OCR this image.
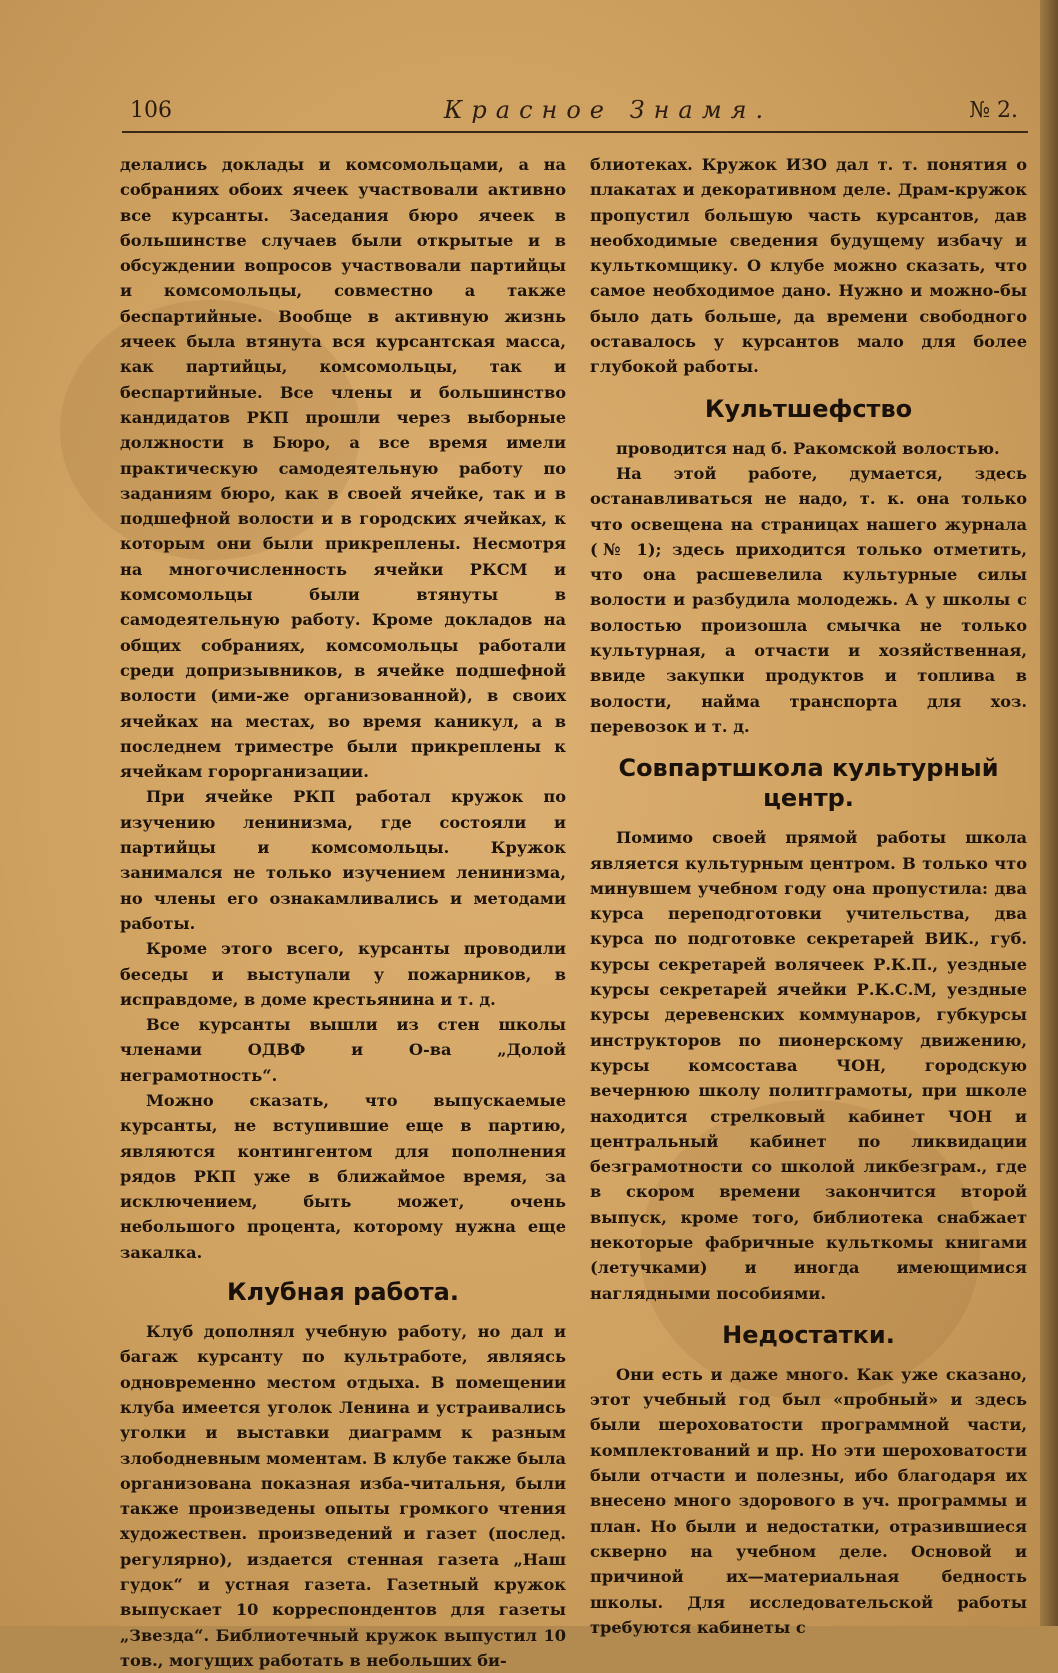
106	Красное Знамя.	№ 2.

делались доклады и комсомольцами, а на собраниях обоих ячеек участвовали активно все курсанты. Заседания бюро ячеек в большинстве случаев были открытые и в обсуждении вопросов участвовали партийцы и комсомольцы, совместно а также беспартийные. Вообще в активную жизнь ячеек была втянута вся курсантская масса, как партийцы, комсомольцы, так и беспартийные. Все члены и большинство кандидатов РКП прошли через выборные должности в Бюро, а все время имели практическую самодеятельную работу по заданиям бюро, как в своей ячейке, так и в подшефной волости и в городских ячейках, к которым они были прикреплены. Несмотря на многочисленность ячейки РКСМ и комсомольцы были втянуты в самодеятельную работу. Кроме докладов на общих собраниях, комсомольцы работали среди допризывников, в ячейке подшефной волости (ими-же организованной), в своих ячейках на местах, во время каникул, а в последнем триместре были прикреплены к ячейкам горорганизации.

При ячейке РКП работал кружок по изучению ленинизма, где состояли и партийцы и комсомольцы. Кружок занимался не только изучением ленинизма, но члены его ознакамливались и методами работы.

Кроме этого всего, курсанты проводили беседы и выступали у пожарников, в исправдоме, в доме крестьянина и т. д.

Все курсанты вышли из стен школы членами ОДВФ и О-ва „Долой неграмотность“.

Можно сказать, что выпускаемые курсанты, не вступившие еще в партию, являются контингентом для пополнения рядов РКП уже в ближаймое время, за исключением, быть может, очень небольшого процента, которому нужна еще закалка.

Клубная работа.

Клуб дополнял учебную работу, но дал и багаж курсанту по культработе, являясь одновременно местом отдыха. В помещении клуба имеется уголок Ленина и устраивались уголки и выставки диаграмм к разным злободневным моментам. В клубе также была организована показная изба-читальня, были также произведены опыты громкого чтения художествен. произведений и газет (послед. регулярно), издается стенная газета „Наш гудок“ и устная газета. Газетный кружок выпускает 10 корреспондентов для газеты „Звезда“. Библиотечный кружок выпустил 10 тов., могущих работать в небольших би-

блиотеках. Кружок ИЗО дал т. т. понятия о плакатах и декоративном деле. Драм-кружок пропустил большую часть курсантов, дав необходимые сведения будущему избачу и культкомщику. О клубе можно сказать, что самое необходимое дано. Нужно и можно-бы было дать больше, да времени свободного оставалось у курсантов мало для более глубокой работы.

Культшефство

проводится над б. Ракомской волостью.

На этой работе, думается, здесь останавливаться не надо, т. к. она только что освещена на страницах нашего журнала (№ 1); здесь приходится только отметить, что она расшевелила культурные силы волости и разбудила молодежь. А у школы с волостью произошла смычка не только культурная, а отчасти и хозяйственная, ввиде закупки продуктов и топлива в волости, найма транспорта для хоз. перевозок и т. д.

Совпартшкола культурный центр.

Помимо своей прямой работы школа является культурным центром. В только что минувшем учебном году она пропустила: два курса переподготовки учительства, два курса по подготовке секретарей ВИК., губ. курсы секретарей волячеек Р.К.П., уездные курсы секретарей ячейки Р.К.С.М, уездные курсы деревенских коммунаров, губкурсы инструкторов по пионерскому движению, курсы комсостава ЧОН, городскую вечернюю школу политграмоты, при школе находится стрелковый кабинет ЧОН и центральный кабинет по ликвидации безграмотности со школой ликбезграм., где в скором времени закончится второй выпуск, кроме того, библиотека снабжает некоторые фабричные культкомы книгами (летучками) и иногда имеющимися наглядными пособиями.

Недостатки.

Они есть и даже много. Как уже сказано, этот учебный год был «пробный» и здесь были шероховатости программной части, комплектований и пр. Но эти шероховатости были отчасти и полезны, ибо благодаря их внесено много здорового в уч. программы и план. Но были и недостатки, отразившиеся скверно на учебном деле. Основой и причиной их—материальная бедность школы. Для исследовательской работы требуются кабинеты с
